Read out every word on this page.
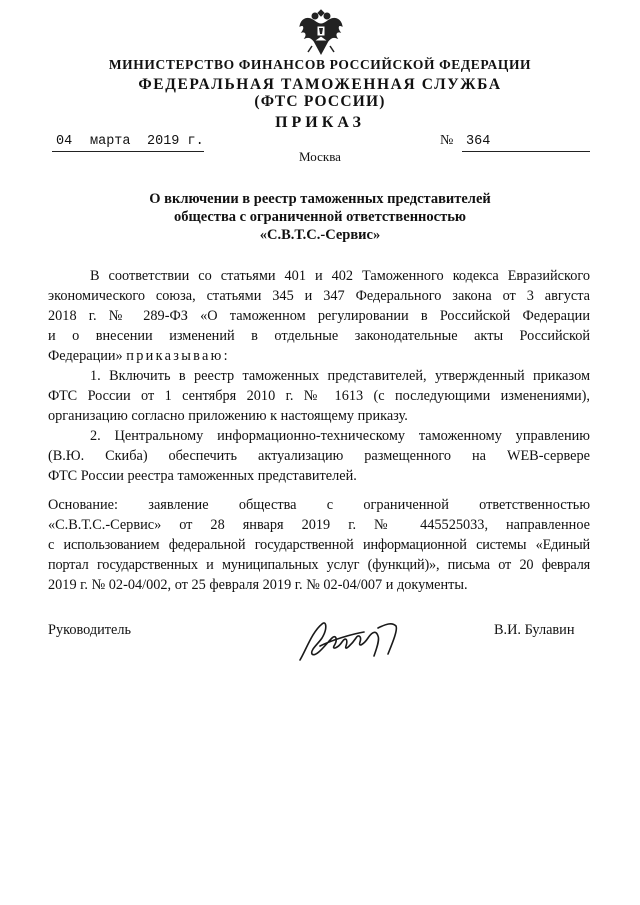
МИНИСТЕРСТВО ФИНАНСОВ РОССИЙСКОЙ ФЕДЕРАЦИИ
ФЕДЕРАЛЬНАЯ ТАМОЖЕННАЯ СЛУЖБА
(ФТС РОССИИ)
ПРИКАЗ
04 марта 2019 г.	№ 364
Москва
О включении в реестр таможенных представителей
общества с ограниченной ответственностью
«С.В.Т.С.-Сервис»
В соответствии со статьями 401 и 402 Таможенного кодекса Евразийского
экономического союза, статьями 345 и 347 Федерального закона от 3 августа
2018 г. № 289-ФЗ «О таможенном регулировании в Российской Федерации
и о внесении изменений в отдельные законодательные акты Российской
Федерации» приказываю:
1. Включить в реестр таможенных представителей, утвержденный приказом
ФТС России от 1 сентября 2010 г. № 1613 (с последующими изменениями),
организацию согласно приложению к настоящему приказу.
2. Центральному информационно-техническому таможенному управлению
(В.Ю. Скиба) обеспечить актуализацию размещенного на WEB-сервере
ФТС России реестра таможенных представителей.
Основание: заявление общества с ограниченной ответственностью
«С.В.Т.С.-Сервис» от 28 января 2019 г. № 445525033, направленное
с использованием федеральной государственной информационной системы «Единый
портал государственных и муниципальных услуг (функций)», письма от 20 февраля
2019 г. № 02-04/002, от 25 февраля 2019 г. № 02-04/007 и документы.
Руководитель	В.И. Булавин
